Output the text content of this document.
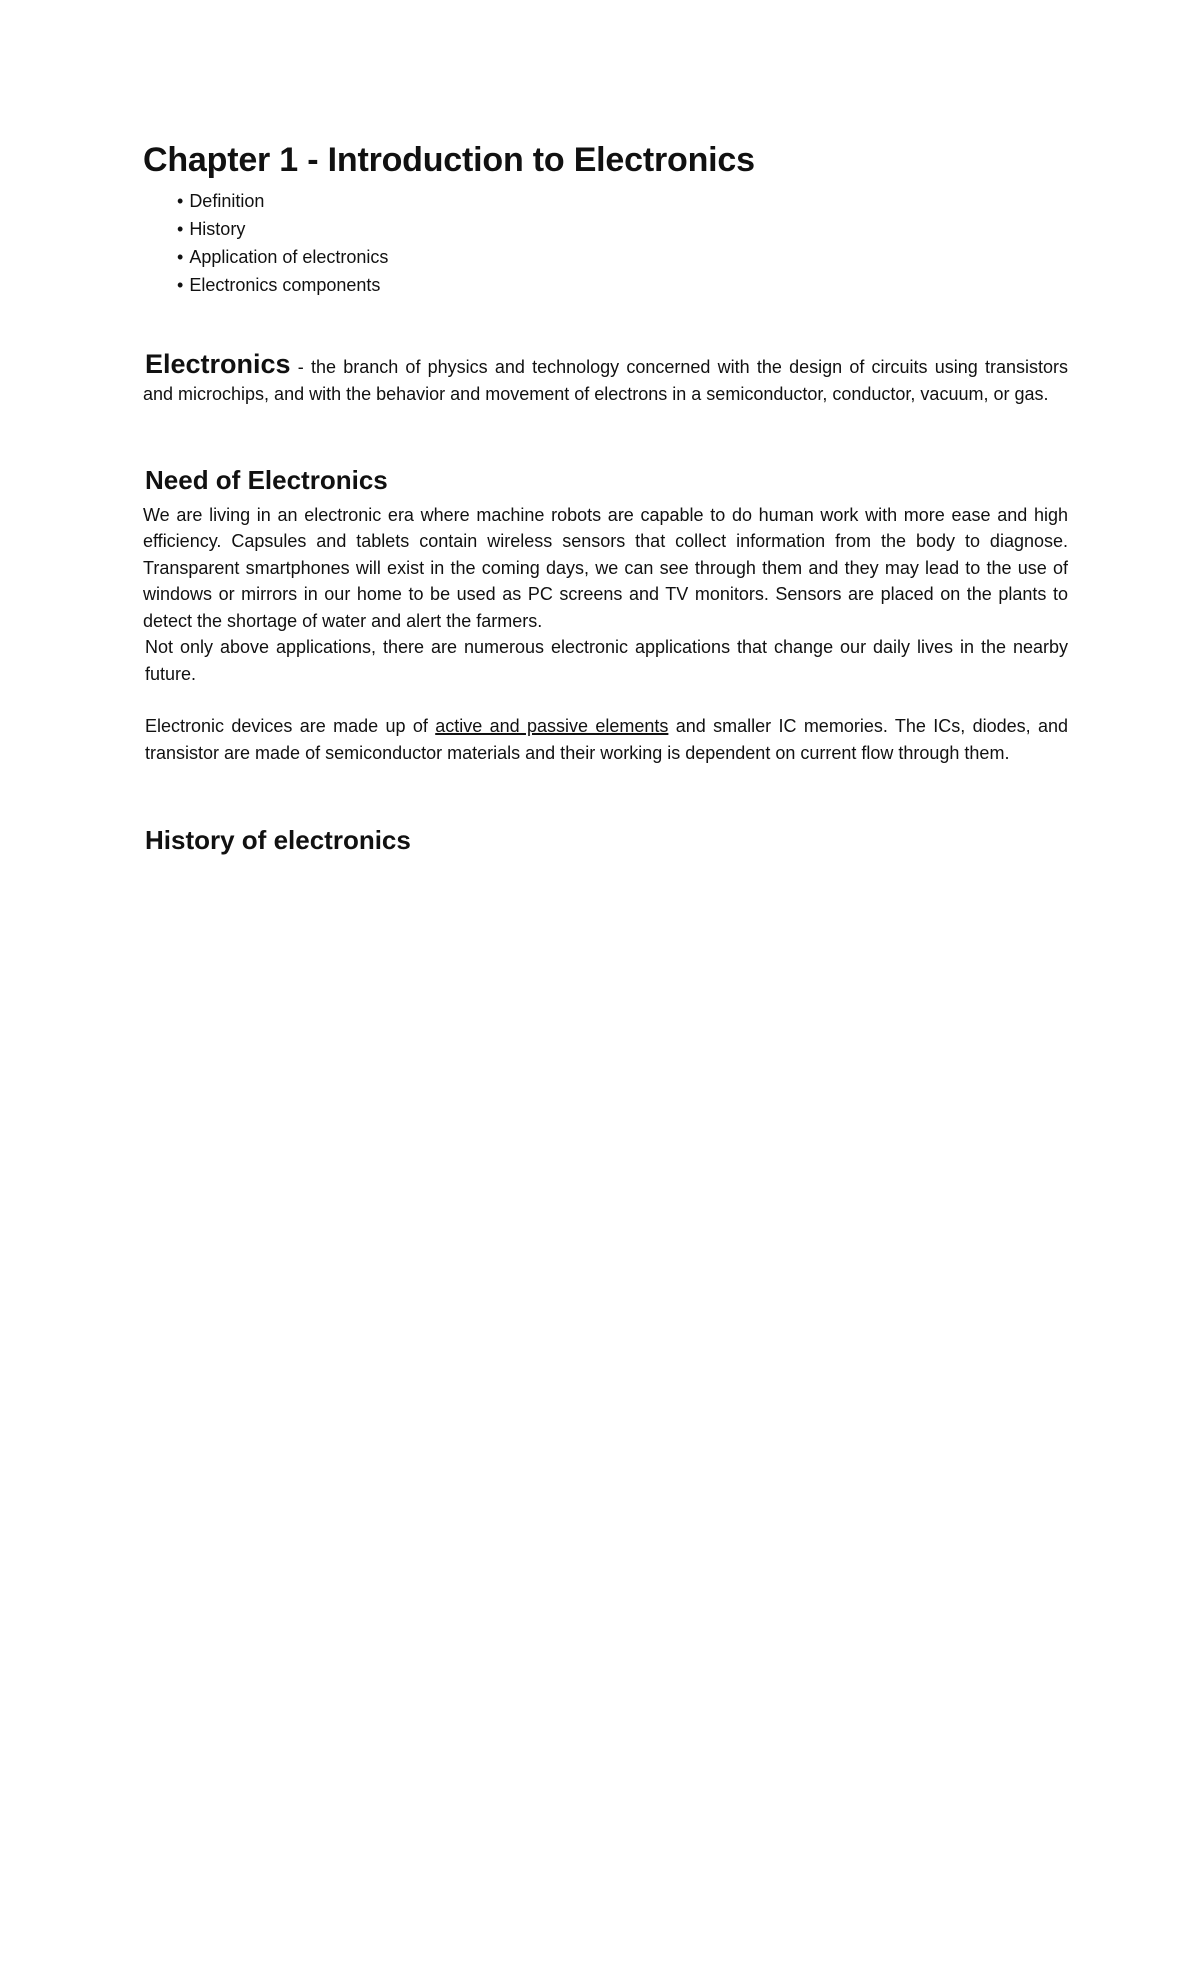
Chapter 1 - Introduction to Electronics
• Definition
• History
• Application of electronics
• Electronics components

Electronics - the branch of physics and technology concerned with the design of circuits using transistors and microchips, and with the behavior and movement of electrons in a semiconductor, conductor, vacuum, or gas.

Need of Electronics

We are living in an electronic era where machine robots are capable to do human work with more ease and high efficiency. Capsules and tablets contain wireless sensors that collect information from the body to diagnose. Transparent smartphones will exist in the coming days, we can see through them and they may lead to the use of windows or mirrors in our home to be used as PC screens and TV monitors. Sensors are placed on the plants to detect the shortage of water and alert the farmers.

Not only above applications, there are numerous electronic applications that change our daily lives in the nearby future.

Electronic devices are made up of active and passive elements and smaller IC memories. The ICs, diodes, and transistor are made of semiconductor materials and their working is dependent on current flow through them.

History of electronics
